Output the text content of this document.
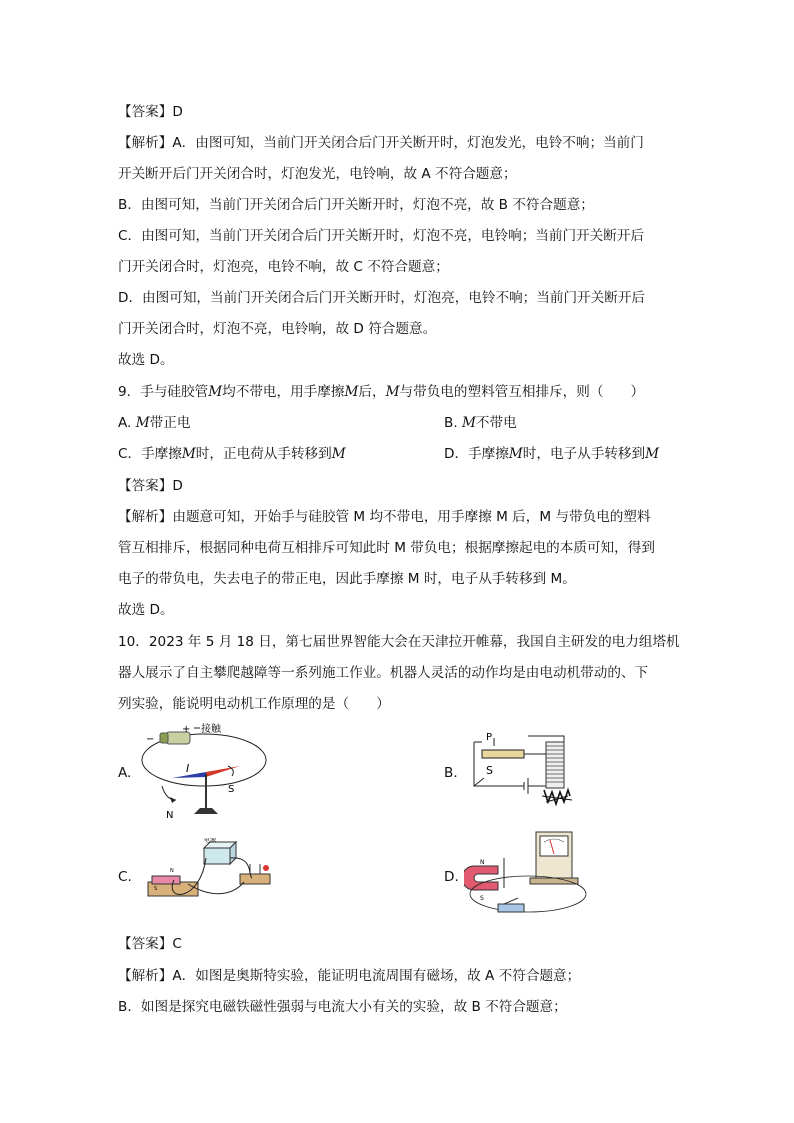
【答案】D
【解析】A．由图可知，当前门开关闭合后门开关断开时，灯泡发光，电铃不响；当前门
开关断开后门开关闭合时，灯泡发光，电铃响，故 A 不符合题意；
B．由图可知，当前门开关闭合后门开关断开时，灯泡不亮，故 B 不符合题意；
C．由图可知，当前门开关闭合后门开关断开时，灯泡不亮，电铃响；当前门开关断开后
门开关闭合时，灯泡亮，电铃不响，故 C 不符合题意；
D．由图可知，当前门开关闭合后门开关断开时，灯泡亮，电铃不响；当前门开关断开后
门开关闭合时，灯泡不亮，电铃响，故 D 符合题意。
故选 D。
9．手与硅胶管M均不带电，用手摩擦M后，M与带负电的塑料管互相排斥，则（　　）
A. M带正电	B. M不带电
C．手摩擦M时，正电荷从手转移到M	D．手摩擦M时，电子从手转移到M
【答案】D
【解析】由题意可知，开始手与硅胶管 M 均不带电，用手摩擦 M 后，M 与带负电的塑料
管互相排斥，根据同种电荷互相排斥可知此时 M 带负电；根据摩擦起电的本质可知，得到
电子的带负电，失去电子的带正电，因此手摩擦 M 时，电子从手转移到 M。
故选 D。
10．2023 年 5 月 18 日，第七届世界智能大会在天津拉开帷幕，我国自主研发的电力组塔机
器人展示了自主攀爬越障等一系列施工作业。机器人灵活的动作均是由电动机带动的、下
列实验，能说明电动机工作原理的是（　　）
A.	B.
C.	D.
−
+ 接触
I
N
S
P
S
电源
N
S
N
S
【答案】C
【解析】A．如图是奥斯特实验，能证明电流周围有磁场，故 A 不符合题意；
B．如图是探究电磁铁磁性强弱与电流大小有关的实验，故 B 不符合题意；
